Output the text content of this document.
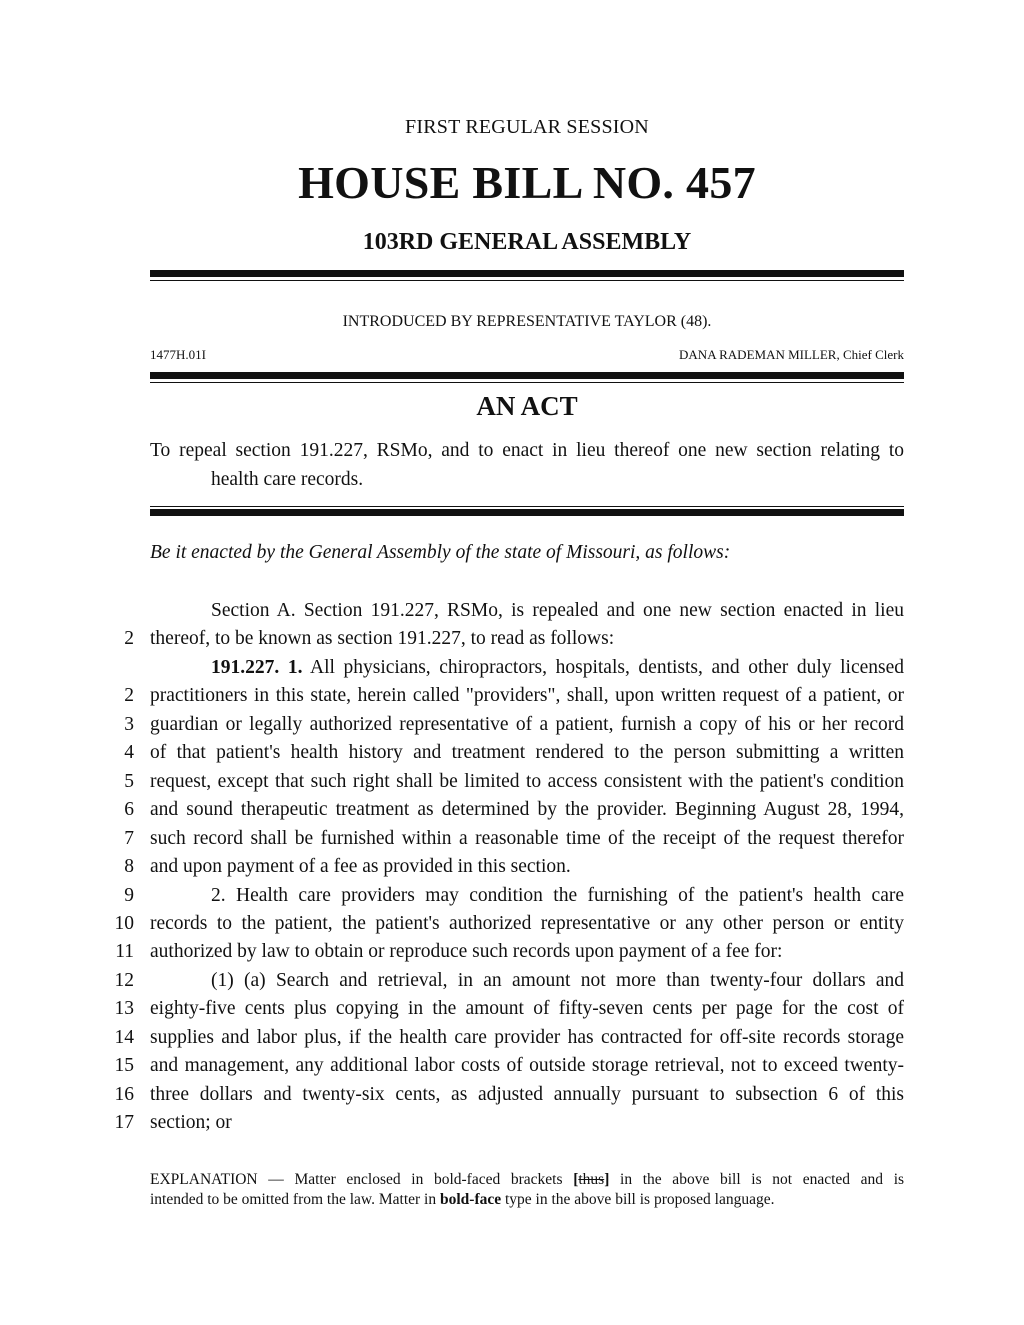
FIRST REGULAR SESSION
HOUSE BILL NO. 457
103RD GENERAL ASSEMBLY
INTRODUCED BY REPRESENTATIVE TAYLOR (48).
1477H.01I	DANA RADEMAN MILLER, Chief Clerk
AN ACT
To repeal section 191.227, RSMo, and to enact in lieu thereof one new section relating to
health care records.
Be it enacted by the General Assembly of the state of Missouri, as follows:
Section A. Section 191.227, RSMo, is repealed and one new section enacted in lieu
2 thereof, to be known as section 191.227, to read as follows:
191.227. 1. All physicians, chiropractors, hospitals, dentists, and other duly licensed
2 practitioners in this state, herein called "providers", shall, upon written request of a patient, or
3 guardian or legally authorized representative of a patient, furnish a copy of his or her record
4 of that patient's health history and treatment rendered to the person submitting a written
5 request, except that such right shall be limited to access consistent with the patient's condition
6 and sound therapeutic treatment as determined by the provider. Beginning August 28, 1994,
7 such record shall be furnished within a reasonable time of the receipt of the request therefor
8 and upon payment of a fee as provided in this section.
9	2. Health care providers may condition the furnishing of the patient's health care
10 records to the patient, the patient's authorized representative or any other person or entity
11 authorized by law to obtain or reproduce such records upon payment of a fee for:
12	(1) (a) Search and retrieval, in an amount not more than twenty-four dollars and
13 eighty-five cents plus copying in the amount of fifty-seven cents per page for the cost of
14 supplies and labor plus, if the health care provider has contracted for off-site records storage
15 and management, any additional labor costs of outside storage retrieval, not to exceed twenty-
16 three dollars and twenty-six cents, as adjusted annually pursuant to subsection 6 of this
17 section; or
EXPLANATION — Matter enclosed in bold-faced brackets [thus] in the above bill is not enacted and is
intended to be omitted from the law. Matter in bold-face type in the above bill is proposed language.
